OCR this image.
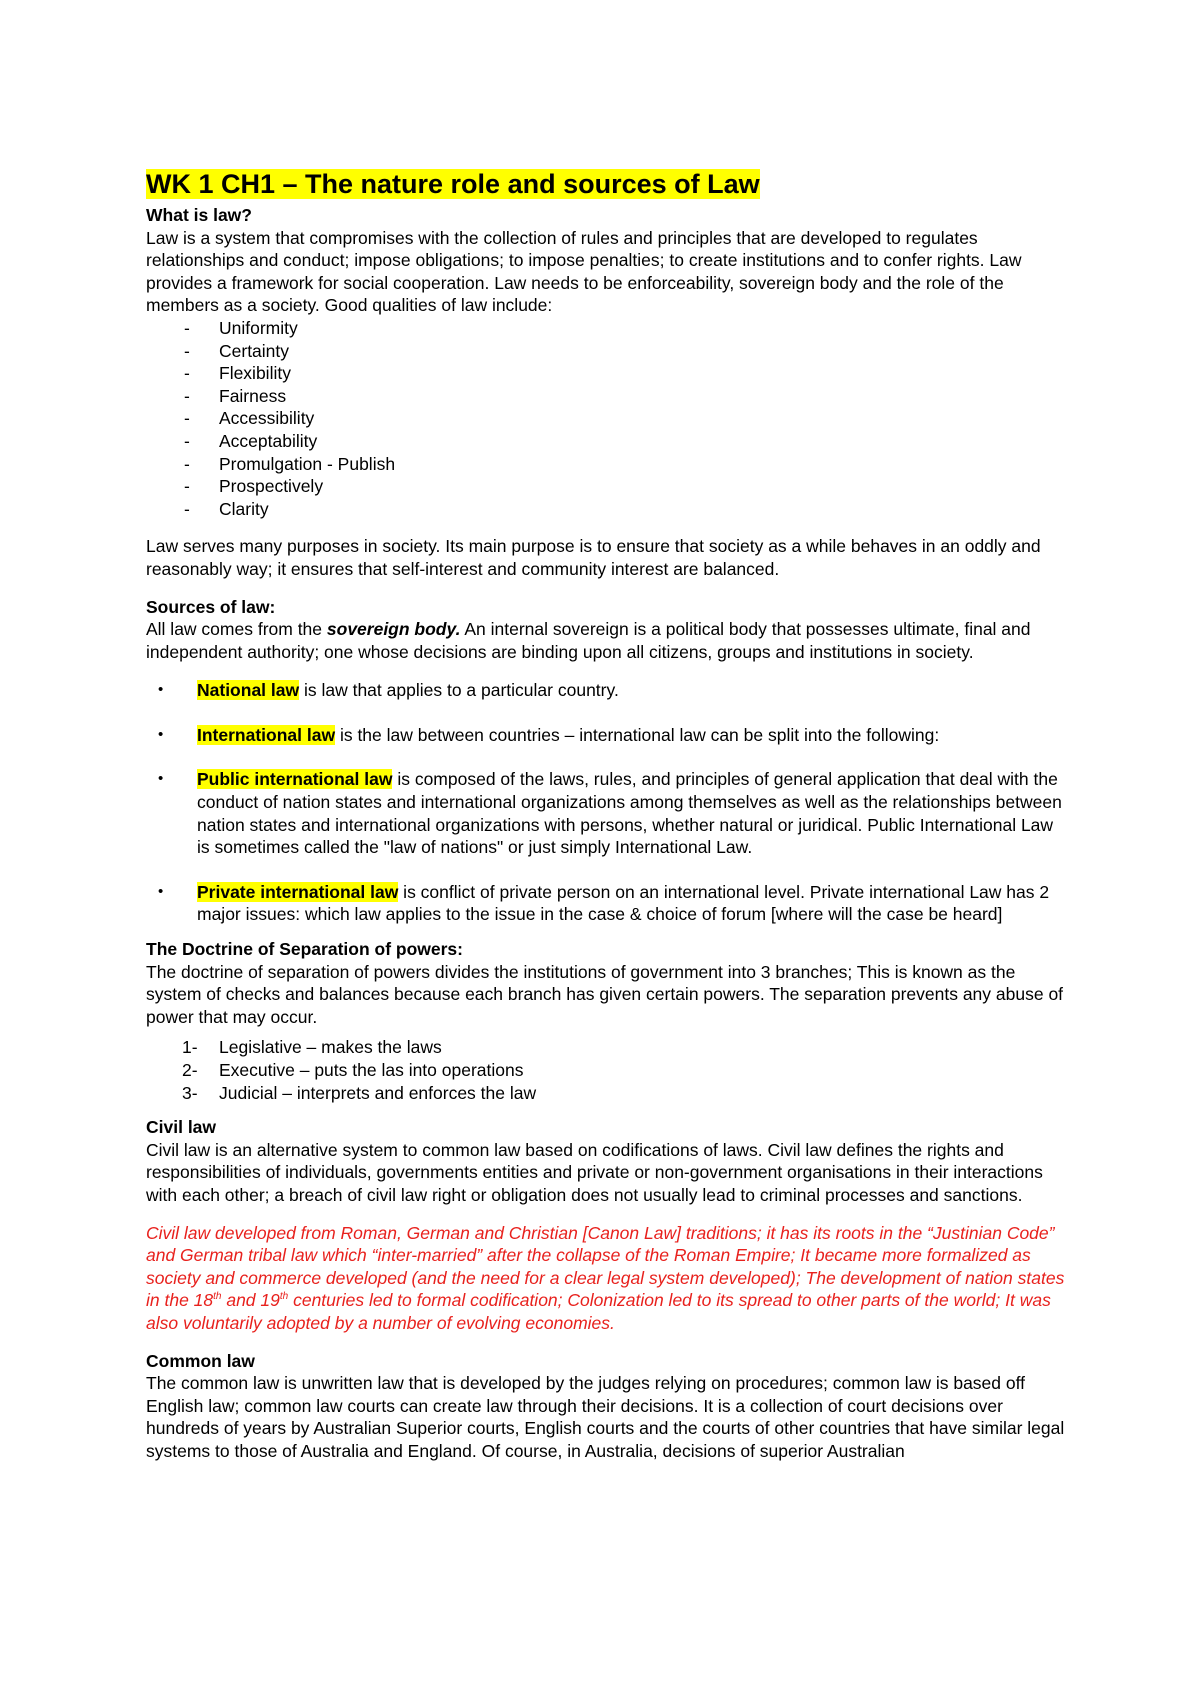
WK 1 CH1 – The nature role and sources of Law

What is law?

Law is a system that compromises with the collection of rules and principles that are developed to regulates relationships and conduct; impose obligations; to impose penalties; to create institutions and to confer rights. Law provides a framework for social cooperation. Law needs to be enforceability, sovereign body and the role of the members as a society. Good qualities of law include:

- Uniformity
- Certainty
- Flexibility
- Fairness
- Accessibility
- Acceptability
- Promulgation - Publish
- Prospectively
- Clarity

Law serves many purposes in society. Its main purpose is to ensure that society as a while behaves in an oddly and reasonably way; it ensures that self-interest and community interest are balanced.

Sources of law:

All law comes from the sovereign body. An internal sovereign is a political body that possesses ultimate, final and independent authority; one whose decisions are binding upon all citizens, groups and institutions in society.

• National law is law that applies to a particular country.
• International law is the law between countries – international law can be split into the following:
• Public international law is composed of the laws, rules, and principles of general application that deal with the conduct of nation states and international organizations among themselves as well as the relationships between nation states and international organizations with persons, whether natural or juridical. Public International Law is sometimes called the "law of nations" or just simply International Law.
• Private international law is conflict of private person on an international level. Private international Law has 2 major issues: which law applies to the issue in the case & choice of forum [where will the case be heard]

The Doctrine of Separation of powers:

The doctrine of separation of powers divides the institutions of government into 3 branches; This is known as the system of checks and balances because each branch has given certain powers. The separation prevents any abuse of power that may occur.

1- Legislative – makes the laws
2- Executive – puts the las into operations
3- Judicial – interprets and enforces the law

Civil law

Civil law is an alternative system to common law based on codifications of laws. Civil law defines the rights and responsibilities of individuals, governments entities and private or non-government organisations in their interactions with each other; a breach of civil law right or obligation does not usually lead to criminal processes and sanctions.

Civil law developed from Roman, German and Christian [Canon Law] traditions; it has its roots in the “Justinian Code” and German tribal law which “inter-married” after the collapse of the Roman Empire; It became more formalized as society and commerce developed (and the need for a clear legal system developed); The development of nation states in the 18th and 19th centuries led to formal codification; Colonization led to its spread to other parts of the world; It was also voluntarily adopted by a number of evolving economies.

Common law

The common law is unwritten law that is developed by the judges relying on procedures; common law is based off English law; common law courts can create law through their decisions. It is a collection of court decisions over hundreds of years by Australian Superior courts, English courts and the courts of other countries that have similar legal systems to those of Australia and England. Of course, in Australia, decisions of superior Australian
